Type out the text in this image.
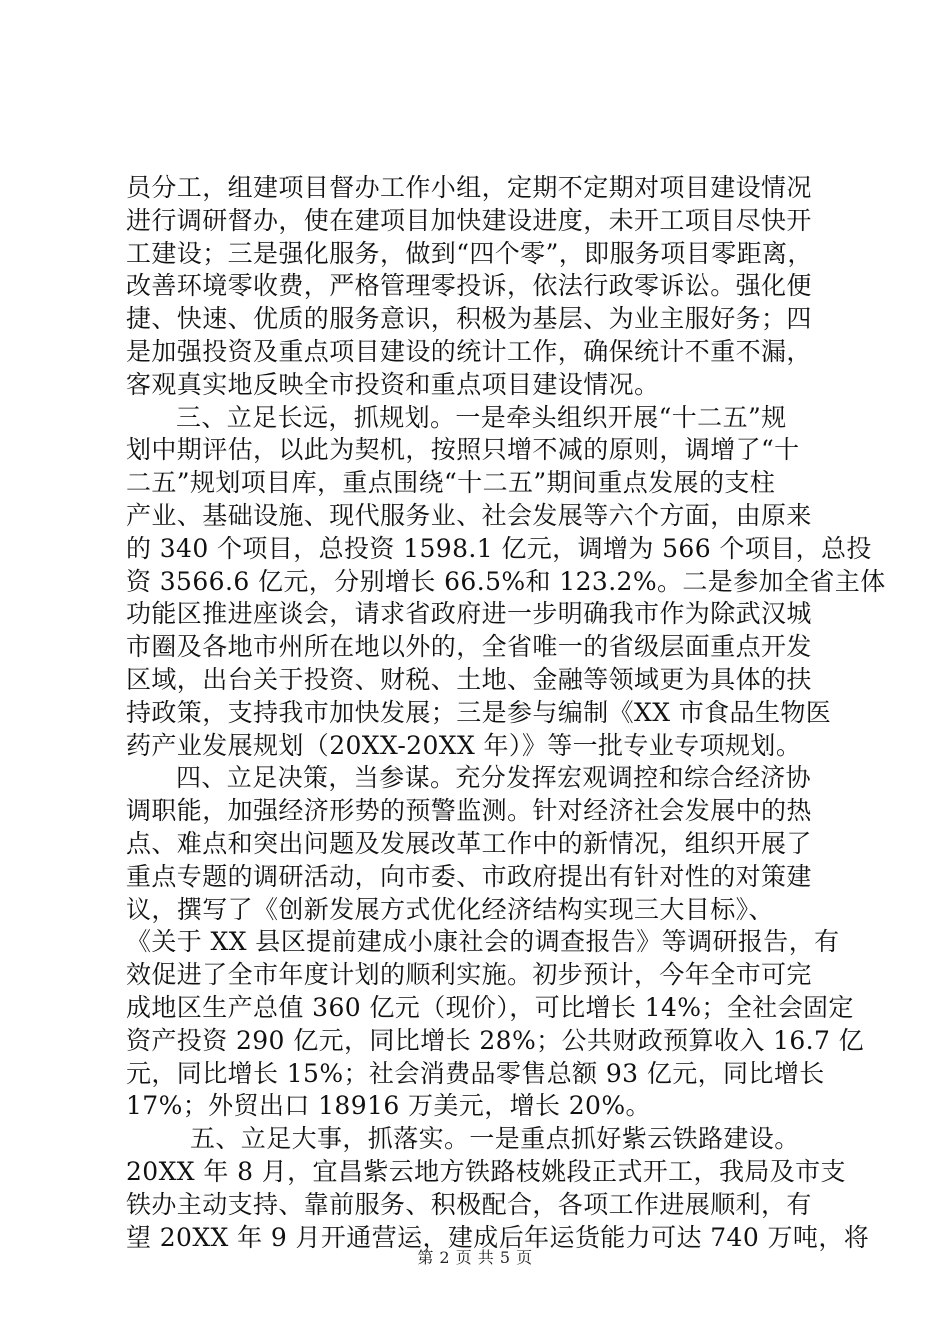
员分工，组建项目督办工作小组，定期不定期对项目建设情况
进行调研督办，使在建项目加快建设进度，未开工项目尽快开
工建设；三是强化服务，做到“四个零”，即服务项目零距离，
改善环境零收费，严格管理零投诉，依法行政零诉讼。强化便
捷、快速、优质的服务意识，积极为基层、为业主服好务；四
是加强投资及重点项目建设的统计工作，确保统计不重不漏，
客观真实地反映全市投资和重点项目建设情况。
三、立足长远，抓规划。一是牵头组织开展“十二五”规
划中期评估，以此为契机，按照只增不减的原则，调增了“十
二五”规划项目库，重点围绕“十二五”期间重点发展的支柱
产业、基础设施、现代服务业、社会发展等六个方面，由原来
的 340 个项目，总投资 1598.1 亿元，调增为 566 个项目，总投
资 3566.6 亿元，分别增长 66.5%和 123.2%。二是参加全省主体
功能区推进座谈会，请求省政府进一步明确我市作为除武汉城
市圈及各地市州所在地以外的，全省唯一的省级层面重点开发
区域，出台关于投资、财税、土地、金融等领域更为具体的扶
持政策，支持我市加快发展；三是参与编制《XX 市食品生物医
药产业发展规划（20XX-20XX 年）》等一批专业专项规划。
四、立足决策，当参谋。充分发挥宏观调控和综合经济协
调职能，加强经济形势的预警监测。针对经济社会发展中的热
点、难点和突出问题及发展改革工作中的新情况，组织开展了
重点专题的调研活动，向市委、市政府提出有针对性的对策建
议，撰写了《创新发展方式优化经济结构实现三大目标》、
《关于 XX 县区提前建成小康社会的调查报告》等调研报告，有
效促进了全市年度计划的顺利实施。初步预计，今年全市可完
成地区生产总值 360 亿元（现价），可比增长 14%；全社会固定
资产投资 290 亿元，同比增长 28%；公共财政预算收入 16.7 亿
元，同比增长 15%；社会消费品零售总额 93 亿元，同比增长
17%；外贸出口 18916 万美元，增长 20%。
五、立足大事，抓落实。一是重点抓好紫云铁路建设。
20XX 年 8 月，宜昌紫云地方铁路枝姚段正式开工，我局及市支
铁办主动支持、靠前服务、积极配合，各项工作进展顺利，有
望 20XX 年 9 月开通营运，建成后年运货能力可达 740 万吨，将
第 2 页 共 5 页
